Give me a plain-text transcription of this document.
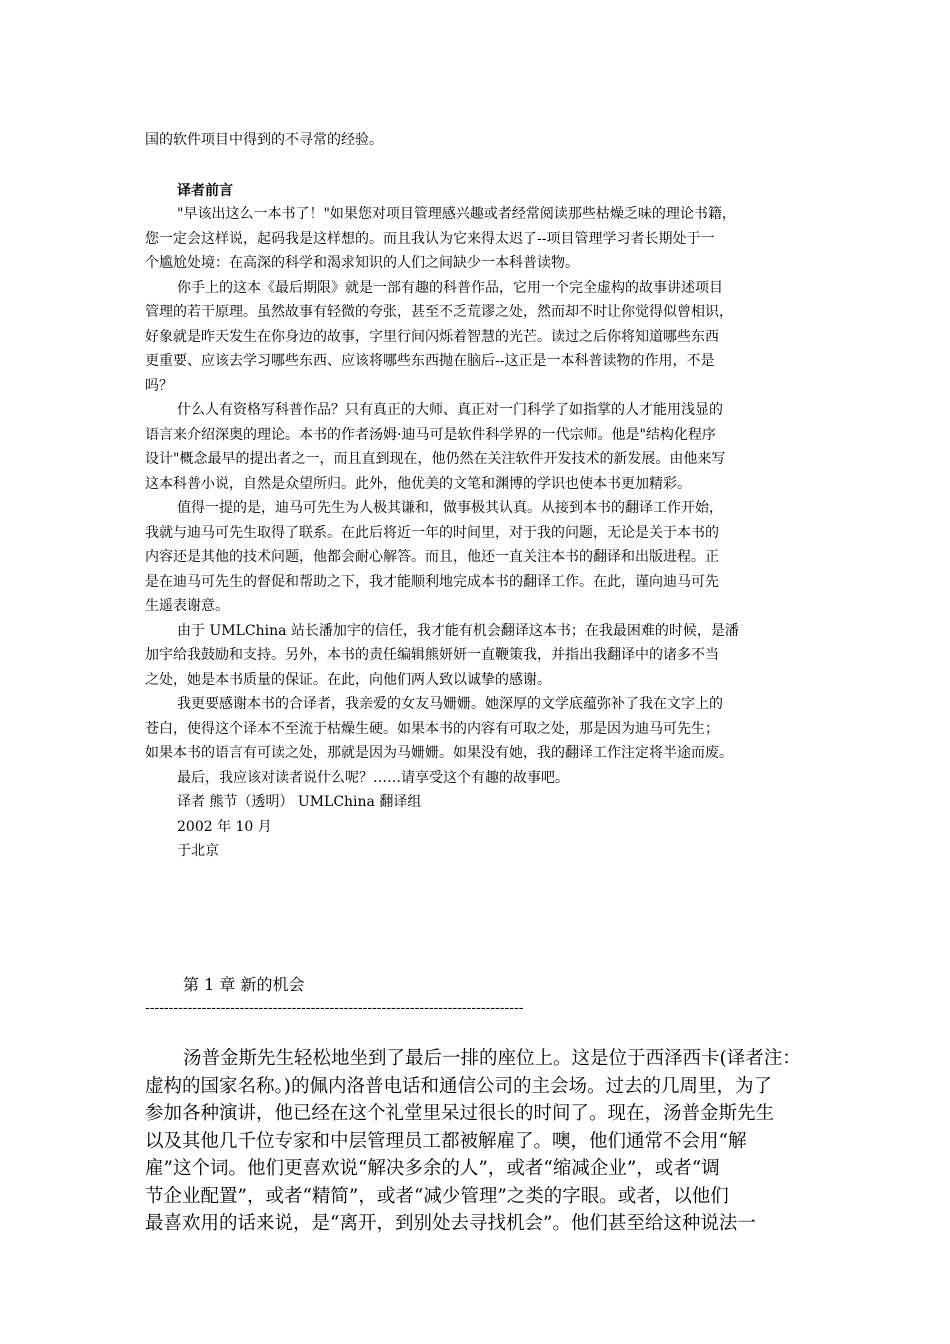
国的软件项目中得到的不寻常的经验。

译者前言
"早该出这么一本书了！"如果您对项目管理感兴趣或者经常阅读那些枯燥乏味的理论书籍，
您一定会这样说，起码我是这样想的。而且我认为它来得太迟了--项目管理学习者长期处于一
个尴尬处境：在高深的科学和渴求知识的人们之间缺少一本科普读物。
你手上的这本《最后期限》就是一部有趣的科普作品，它用一个完全虚构的故事讲述项目
管理的若干原理。虽然故事有轻微的夸张，甚至不乏荒谬之处，然而却不时让你觉得似曾相识，
好象就是昨天发生在你身边的故事，字里行间闪烁着智慧的光芒。读过之后你将知道哪些东西
更重要、应该去学习哪些东西、应该将哪些东西抛在脑后--这正是一本科普读物的作用，不是
吗？
什么人有资格写科普作品？只有真正的大师、真正对一门科学了如指掌的人才能用浅显的
语言来介绍深奥的理论。本书的作者汤姆·迪马可是软件科学界的一代宗师。他是"结构化程序
设计"概念最早的提出者之一，而且直到现在，他仍然在关注软件开发技术的新发展。由他来写
这本科普小说，自然是众望所归。此外，他优美的文笔和渊博的学识也使本书更加精彩。
值得一提的是，迪马可先生为人极其谦和，做事极其认真。从接到本书的翻译工作开始，
我就与迪马可先生取得了联系。在此后将近一年的时间里，对于我的问题，无论是关于本书的
内容还是其他的技术问题，他都会耐心解答。而且，他还一直关注本书的翻译和出版进程。正
是在迪马可先生的督促和帮助之下，我才能顺利地完成本书的翻译工作。在此，谨向迪马可先
生遥表谢意。
由于 UMLChina 站长潘加宇的信任，我才能有机会翻译这本书；在我最困难的时候，是潘
加宇给我鼓励和支持。另外，本书的责任编辑熊妍妍一直鞭策我，并指出我翻译中的诸多不当
之处，她是本书质量的保证。在此，向他们两人致以诚挚的感谢。
我更要感谢本书的合译者，我亲爱的女友马姗姗。她深厚的文学底蕴弥补了我在文字上的
苍白，使得这个译本不至流于枯燥生硬。如果本书的内容有可取之处，那是因为迪马可先生；
如果本书的语言有可读之处，那就是因为马姗姗。如果没有她，我的翻译工作注定将半途而废。
最后，我应该对读者说什么呢？……请享受这个有趣的故事吧。
译者 熊节（透明） UMLChina 翻译组
2002 年 10 月
于北京
第 1 章 新的机会
--------------------------------------------------------------------------------
汤普金斯先生轻松地坐到了最后一排的座位上。这是位于西泽西卡(译者注：
虚构的国家名称。)的佩内洛普电话和通信公司的主会场。过去的几周里，为了
参加各种演讲，他已经在这个礼堂里呆过很长的时间了。现在，汤普金斯先生
以及其他几千位专家和中层管理员工都被解雇了。噢，他们通常不会用“解
雇”这个词。他们更喜欢说“解决多余的人”，或者“缩减企业”，或者“调
节企业配置”，或者“精简”，或者“减少管理”之类的字眼。或者，以他们
最喜欢用的话来说，是“离开，到别处去寻找机会”。他们甚至给这种说法一
